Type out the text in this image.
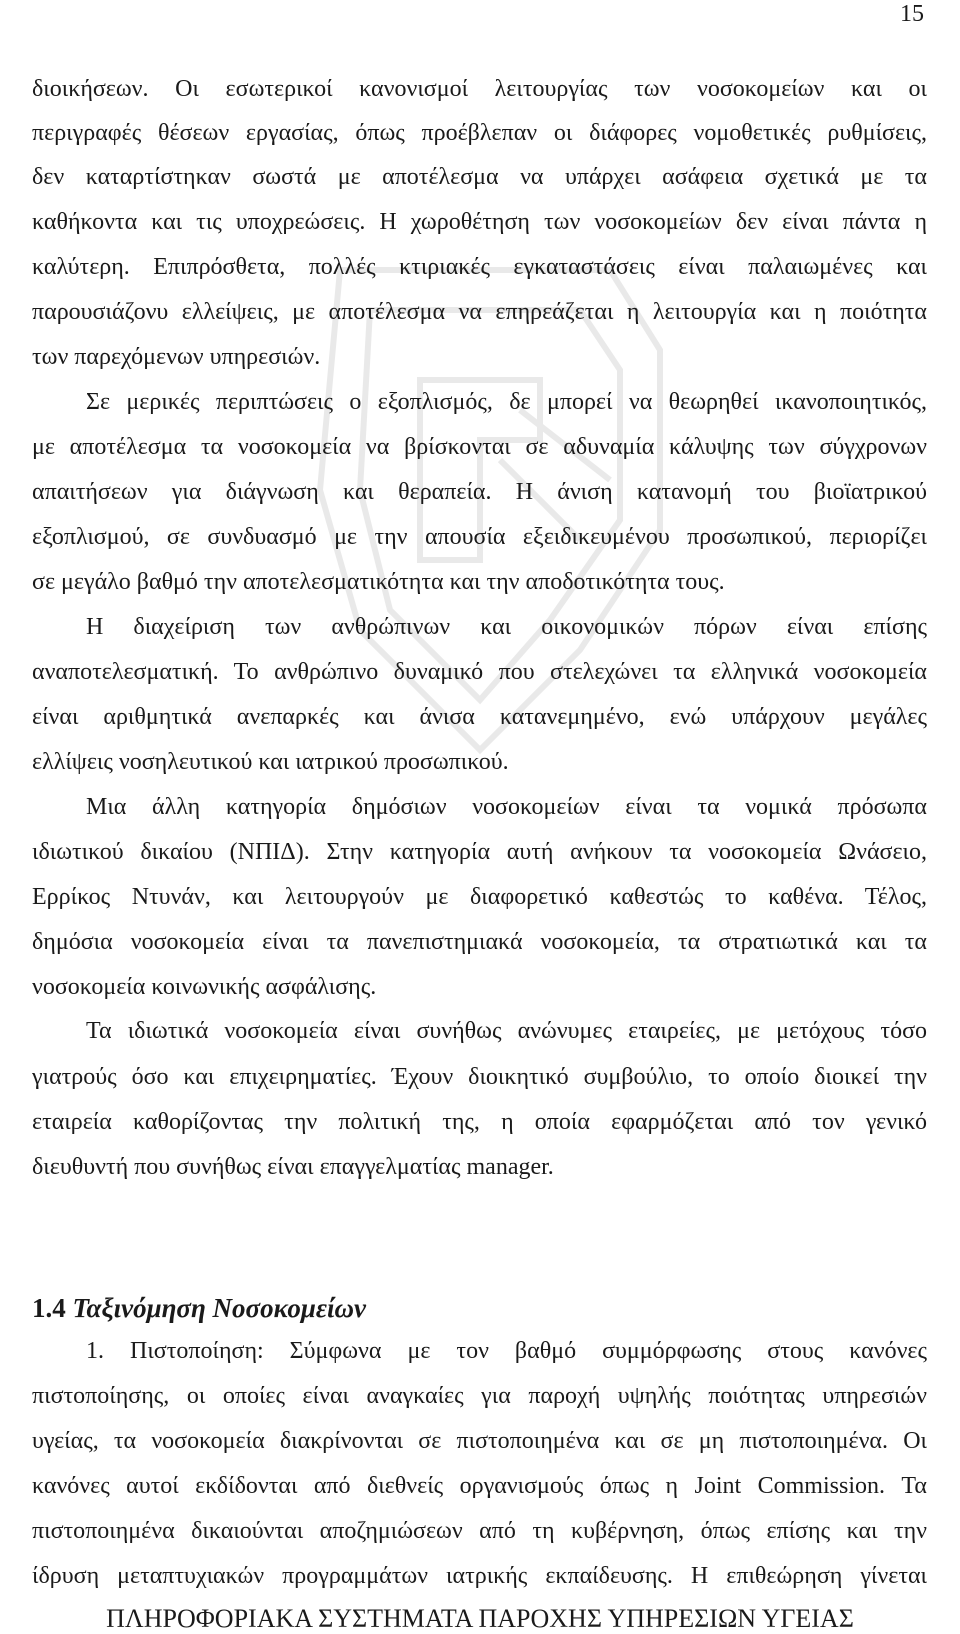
15
διοικήσεων. Οι εσωτερικοί κανονισμοί λειτουργίας των νοσοκομείων και οι
περιγραφές θέσεων εργασίας, όπως προέβλεπαν οι διάφορες νομοθετικές ρυθμίσεις,
δεν καταρτίστηκαν σωστά με αποτέλεσμα να υπάρχει ασάφεια σχετικά με τα
καθήκοντα και τις υποχρεώσεις. Η χωροθέτηση των νοσοκομείων δεν είναι πάντα η
καλύτερη. Επιπρόσθετα, πολλές κτιριακές εγκαταστάσεις είναι παλαιωμένες και
παρουσιάζονυ ελλείψεις, με αποτέλεσμα να επηρεάζεται η λειτουργία και η ποιότητα
των παρεχόμενων υπηρεσιών.
Σε μερικές περιπτώσεις ο εξοπλισμός, δε μπορεί να θεωρηθεί ικανοποιητικός,
με αποτέλεσμα τα νοσοκομεία να βρίσκονται σε αδυναμία κάλυψης των σύγχρονων
απαιτήσεων για διάγνωση και θεραπεία. Η άνιση κατανομή του βιοϊατρικού
εξοπλισμού, σε συνδυασμό με την απουσία εξειδικευμένου προσωπικού, περιορίζει
σε μεγάλο βαθμό την αποτελεσματικότητα και την αποδοτικότητα τους.
Η διαχείριση των ανθρώπινων και οικονομικών πόρων είναι επίσης
αναποτελεσματική. Το ανθρώπινο δυναμικό που στελεχώνει τα ελληνικά νοσοκομεία
είναι αριθμητικά ανεπαρκές και άνισα κατανεμημένο, ενώ υπάρχουν μεγάλες
ελλίψεις νοσηλευτικού και ιατρικού προσωπικού.
Μια άλλη κατηγορία δημόσιων νοσοκομείων είναι τα νομικά πρόσωπα
ιδιωτικού δικαίου (ΝΠΙΔ). Στην κατηγορία αυτή ανήκουν τα νοσοκομεία Ωνάσειο,
Ερρίκος Ντυνάν, και λειτουργούν με διαφορετικό καθεστώς το καθένα. Τέλος,
δημόσια νοσοκομεία είναι τα πανεπιστημιακά νοσοκομεία, τα στρατιωτικά και τα
νοσοκομεία κοινωνικής ασφάλισης.
Τα ιδιωτικά νοσοκομεία είναι συνήθως ανώνυμες εταιρείες, με μετόχους τόσο
γιατρούς όσο και επιχειρηματίες. Έχουν διοικητικό συμβούλιο, το οποίο διοικεί την
εταιρεία καθορίζοντας την πολιτική της, η οποία εφαρμόζεται από τον γενικό
διευθυντή που συνήθως είναι επαγγελματίας manager.
1.4 Ταξινόμηση Νοσοκομείων
1. Πιστοποίηση: Σύμφωνα με τον βαθμό συμμόρφωσης στους κανόνες
πιστοποίησης, οι οποίες είναι αναγκαίες για παροχή υψηλής ποιότητας υπηρεσιών
υγείας, τα νοσοκομεία διακρίνονται σε πιστοποιημένα και σε μη πιστοποιημένα. Οι
κανόνες αυτοί εκδίδονται από διεθνείς οργανισμούς όπως η Joint Commission. Τα
πιστοποιημένα δικαιούνται αποζημιώσεων από τη κυβέρνηση, όπως επίσης και την
ίδρυση μεταπτυχιακών προγραμμάτων ιατρικής εκπαίδευσης. Η επιθεώρηση γίνεται
ΠΛΗΡΟΦΟΡΙΑΚΑ ΣΥΣΤΗΜΑΤΑ ΠΑΡΟΧΗΣ ΥΠΗΡΕΣΙΩΝ ΥΓΕΙΑΣ
